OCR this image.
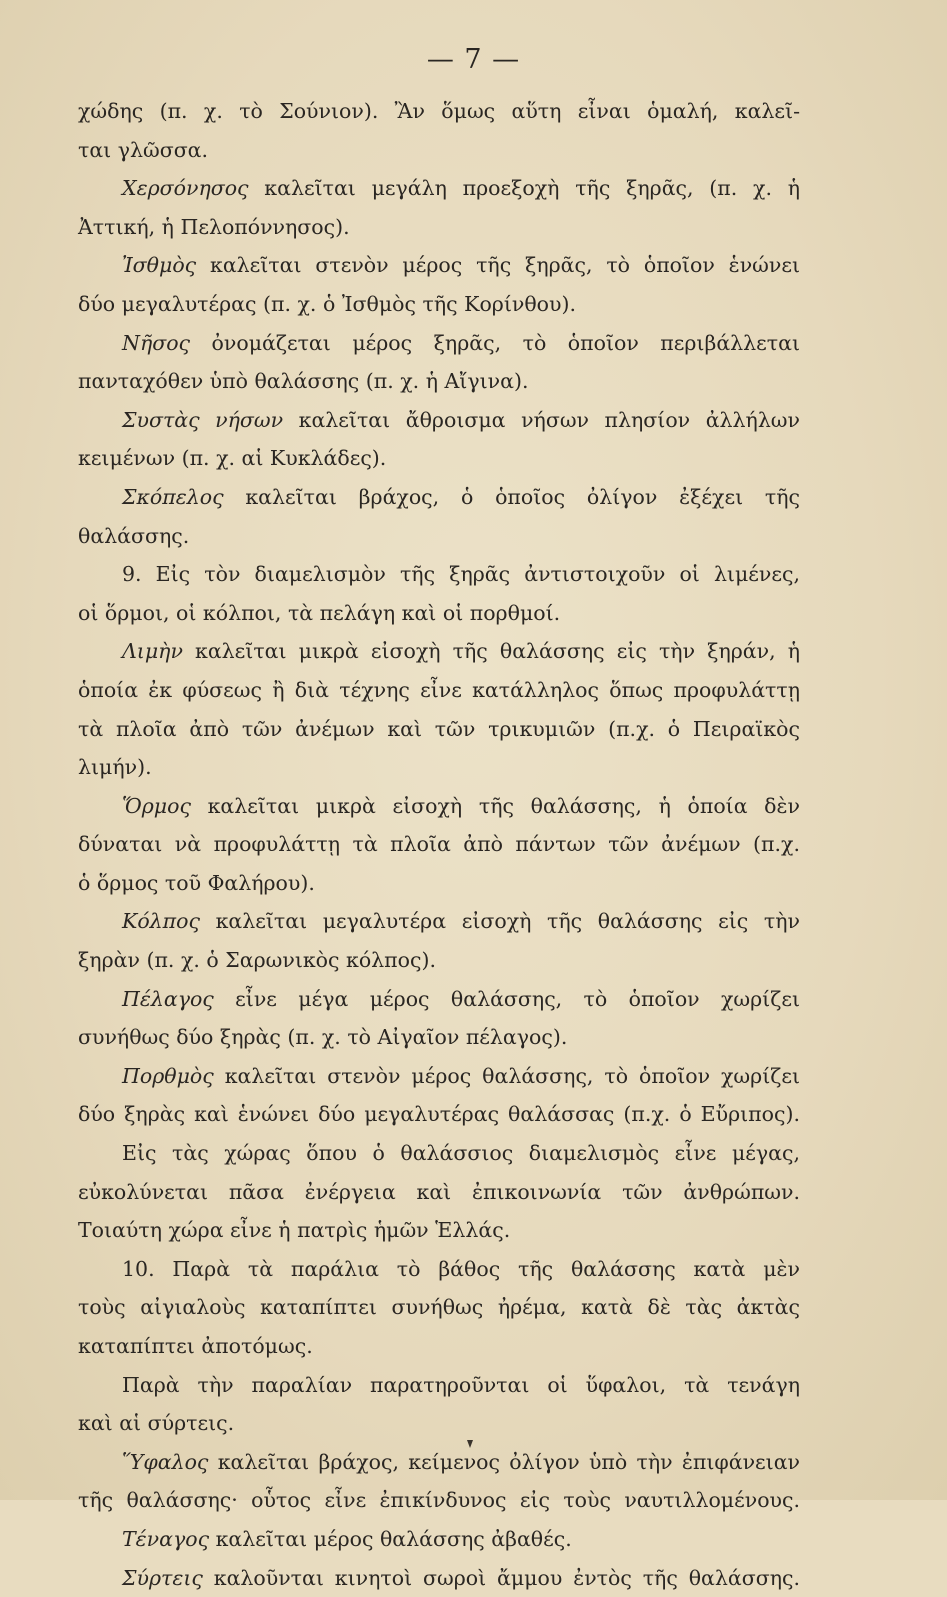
— 7 —
χώδης (π. χ. τὸ Σούνιον). Ἂν ὅμως αὕτη εἶναι ὁμαλή, καλεῖ-
ται γλῶσσα.
Χερσόνησος καλεῖται μεγάλη προεξοχὴ τῆς ξηρᾶς, (π. χ. ἡ
Ἀττική, ἡ Πελοπόννησος).
Ἰσθμὸς καλεῖται στενὸν μέρος τῆς ξηρᾶς, τὸ ὁποῖον ἑνώνει
δύο μεγαλυτέρας (π. χ. ὁ Ἰσθμὸς τῆς Κορίνθου).
Νῆσος ὀνομάζεται μέρος ξηρᾶς, τὸ ὁποῖον περιβάλλεται
πανταχόθεν ὑπὸ θαλάσσης (π. χ. ἡ Αἴγινα).
Συστὰς νήσων καλεῖται ἄθροισμα νήσων πλησίον ἀλλήλων
κειμένων (π. χ. αἱ Κυκλάδες).
Σκόπελος καλεῖται βράχος, ὁ ὁποῖος ὀλίγον ἐξέχει τῆς θαλάσσης.
9. Εἰς τὸν διαμελισμὸν τῆς ξηρᾶς ἀντιστοιχοῦν οἱ λιμένες,
οἱ ὅρμοι, οἱ κόλποι, τὰ πελάγη καὶ οἱ πορθμοί.
Λιμὴν καλεῖται μικρὰ εἰσοχὴ τῆς θαλάσσης εἰς τὴν ξηράν, ἡ
ὁποία ἐκ φύσεως ἢ διὰ τέχνης εἶνε κατάλληλος ὅπως προφυλάττῃ
τὰ πλοῖα ἀπὸ τῶν ἀνέμων καὶ τῶν τρικυμιῶν (π.χ. ὁ Πειραϊκὸς λιμήν).
Ὅρμος καλεῖται μικρὰ εἰσοχὴ τῆς θαλάσσης, ἡ ὁποία δὲν
δύναται νὰ προφυλάττῃ τὰ πλοῖα ἀπὸ πάντων τῶν ἀνέμων (π.χ.
ὁ ὅρμος τοῦ Φαλήρου).
Κόλπος καλεῖται μεγαλυτέρα εἰσοχὴ τῆς θαλάσσης εἰς τὴν
ξηρὰν (π. χ. ὁ Σαρωνικὸς κόλπος).
Πέλαγος εἶνε μέγα μέρος θαλάσσης, τὸ ὁποῖον χωρίζει
συνήθως δύο ξηρὰς (π. χ. τὸ Αἰγαῖον πέλαγος).
Πορθμὸς καλεῖται στενὸν μέρος θαλάσσης, τὸ ὁποῖον χωρίζει
δύο ξηρὰς καὶ ἑνώνει δύο μεγαλυτέρας θαλάσσας (π.χ. ὁ Εὔριπος).
Εἰς τὰς χώρας ὅπου ὁ θαλάσσιος διαμελισμὸς εἶνε μέγας,
εὐκολύνεται πᾶσα ἐνέργεια καὶ ἐπικοινωνία τῶν ἀνθρώπων.
Τοιαύτη χώρα εἶνε ἡ πατρὶς ἡμῶν Ἑλλάς.
10. Παρὰ τὰ παράλια τὸ βάθος τῆς θαλάσσης κατὰ μὲν
τοὺς αἰγιαλοὺς καταπίπτει συνήθως ἠρέμα, κατὰ δὲ τὰς ἀκτὰς
καταπίπτει ἀποτόμως.
Παρὰ τὴν παραλίαν παρατηροῦνται οἱ ὕφαλοι, τὰ τενάγη
καὶ αἱ σύρτεις.
Ὕφαλος καλεῖται βράχος, κείμενος ὀλίγον ὑπὸ τὴν ἐπιφάνειαν
τῆς θαλάσσης· οὗτος εἶνε ἐπικίνδυνος εἰς τοὺς ναυτιλλομένους.
Τέναγος καλεῖται μέρος θαλάσσης ἀβαθές.
Σύρτεις καλοῦνται κινητοὶ σωροὶ ἄμμου ἐντὸς τῆς θαλάσσης.
